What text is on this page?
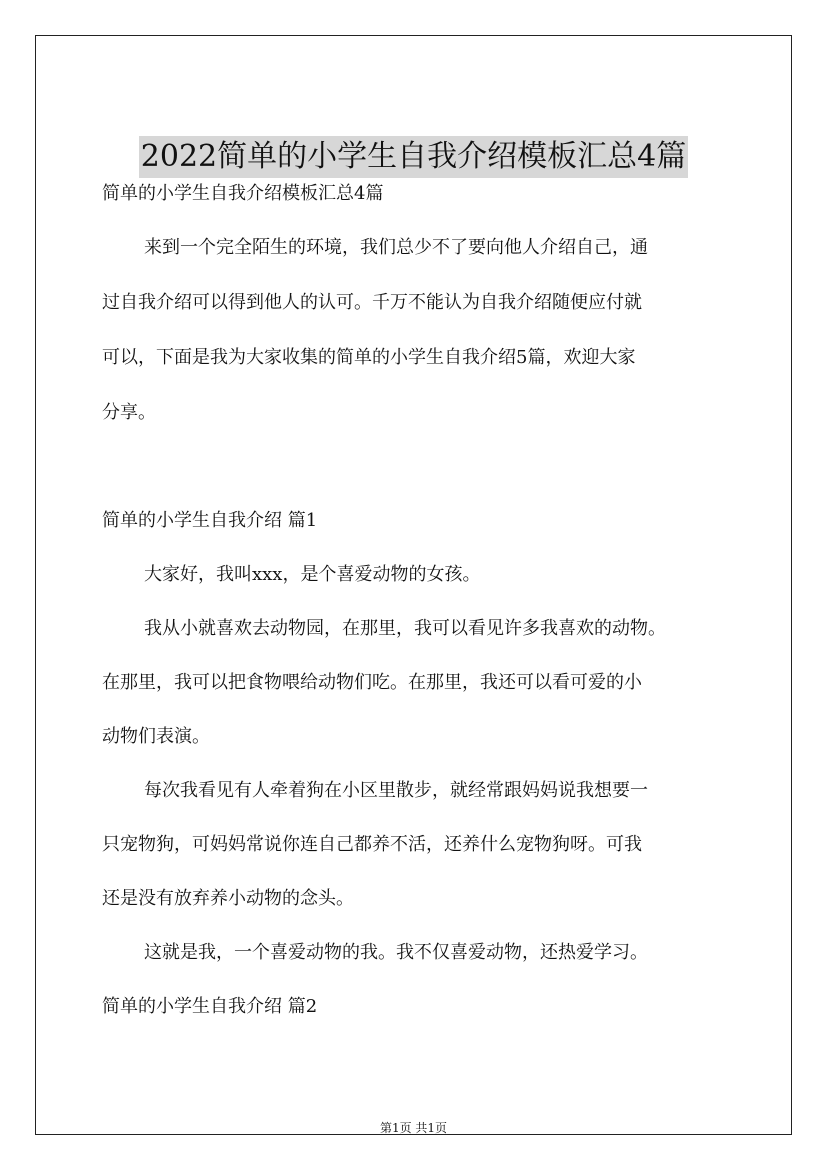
2022简单的小学生自我介绍模板汇总4篇
简单的小学生自我介绍模板汇总4篇
来到一个完全陌生的环境，我们总少不了要向他人介绍自己，通
过自我介绍可以得到他人的认可。千万不能认为自我介绍随便应付就
可以，下面是我为大家收集的简单的小学生自我介绍5篇，欢迎大家
分享。
简单的小学生自我介绍 篇1
大家好，我叫xxx，是个喜爱动物的女孩。
我从小就喜欢去动物园，在那里，我可以看见许多我喜欢的动物。
在那里，我可以把食物喂给动物们吃。在那里，我还可以看可爱的小
动物们表演。
每次我看见有人牵着狗在小区里散步，就经常跟妈妈说我想要一
只宠物狗，可妈妈常说你连自己都养不活，还养什么宠物狗呀。可我
还是没有放弃养小动物的念头。
这就是我，一个喜爱动物的我。我不仅喜爱动物，还热爱学习。
简单的小学生自我介绍 篇2
第1页 共1页
